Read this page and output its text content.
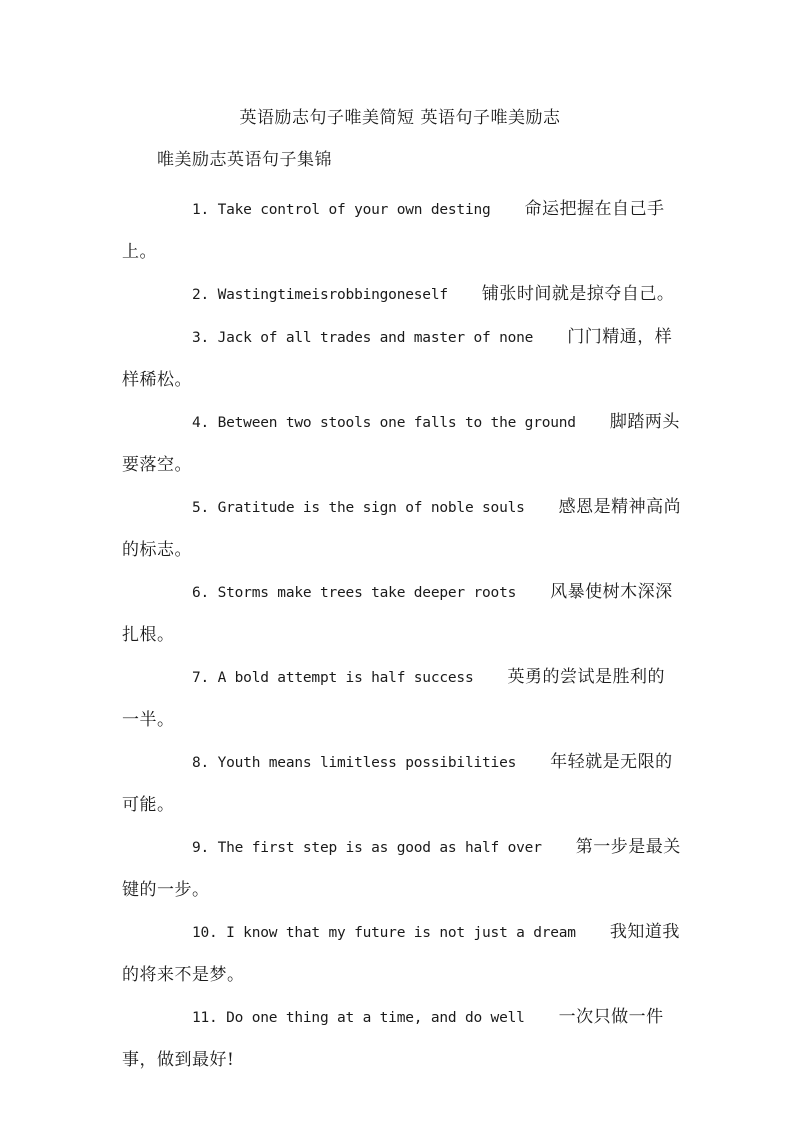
英语励志句子唯美简短 英语句子唯美励志
唯美励志英语句子集锦

1. Take control of your own desting 命运把握在自己手上。

2. Wastingtimeisrobbingoneself 铺张时间就是掠夺自己。

3. Jack of all trades and master of none 门门精通，样样稀松。

4. Between two stools one falls to the ground 脚踏两头要落空。

5. Gratitude is the sign of noble souls 感恩是精神高尚的标志。

6. Storms make trees take deeper roots 风暴使树木深深扎根。

7. A bold attempt is half success 英勇的尝试是胜利的一半。

8. Youth means limitless possibilities 年轻就是无限的可能。

9. The first step is as good as half over 第一步是最关键的一步。

10. I know that my future is not just a dream 我知道我的将来不是梦。

11. Do one thing at a time, and do well 一次只做一件事，做到最好!
